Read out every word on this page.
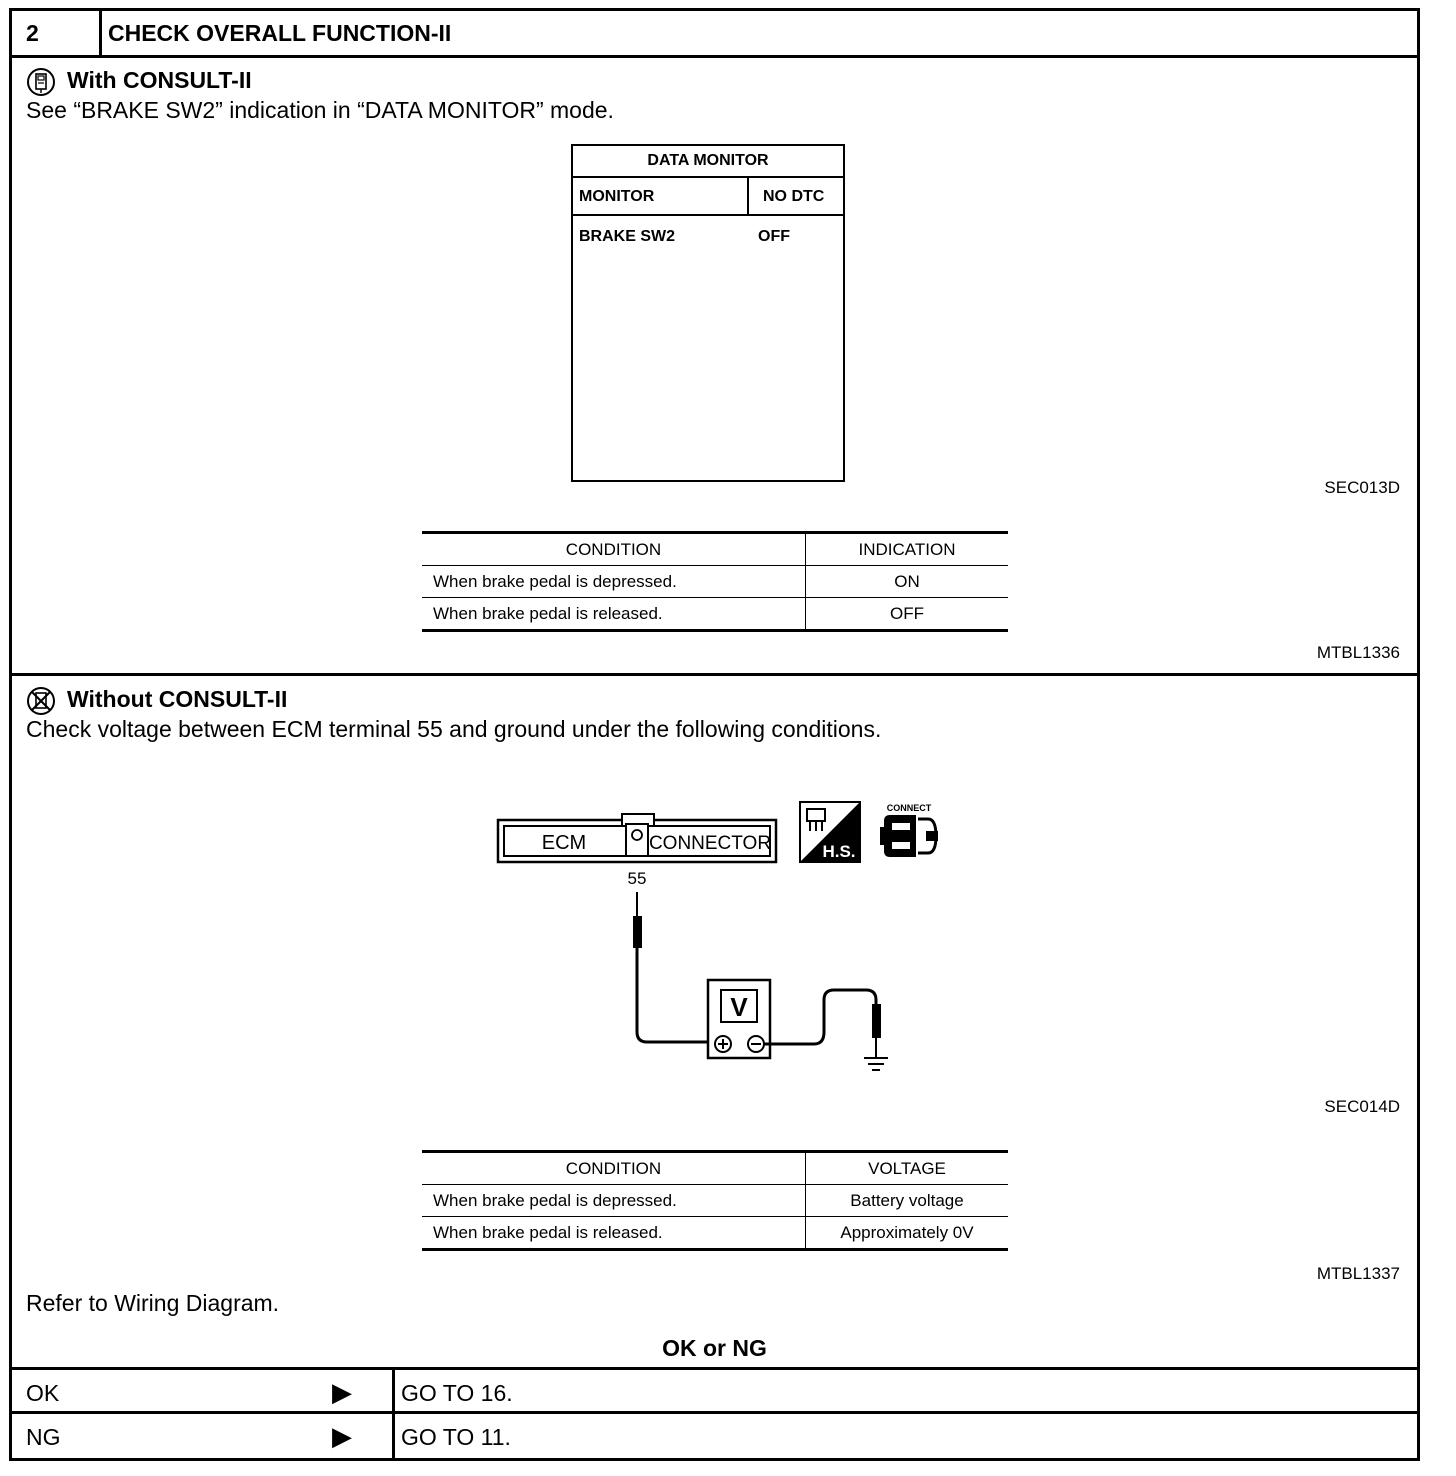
2	CHECK OVERALL FUNCTION-II
With CONSULT-II
See “BRAKE SW2” indication in “DATA MONITOR” mode.
DATA MONITOR
MONITOR	NO DTC
BRAKE SW2	OFF
SEC013D
CONDITION	INDICATION
When brake pedal is depressed.	ON
When brake pedal is released.	OFF
MTBL1336
Without CONSULT-II
Check voltage between ECM terminal 55 and ground under the following conditions.
ECM	CONNECTOR
55
V
H.S.
CONNECT
SEC014D
CONDITION	VOLTAGE
When brake pedal is depressed.	Battery voltage
When brake pedal is released.	Approximately 0V
MTBL1337
Refer to Wiring Diagram.
OK or NG
OK	▶ GO TO 16.
NG	▶ GO TO 11.
